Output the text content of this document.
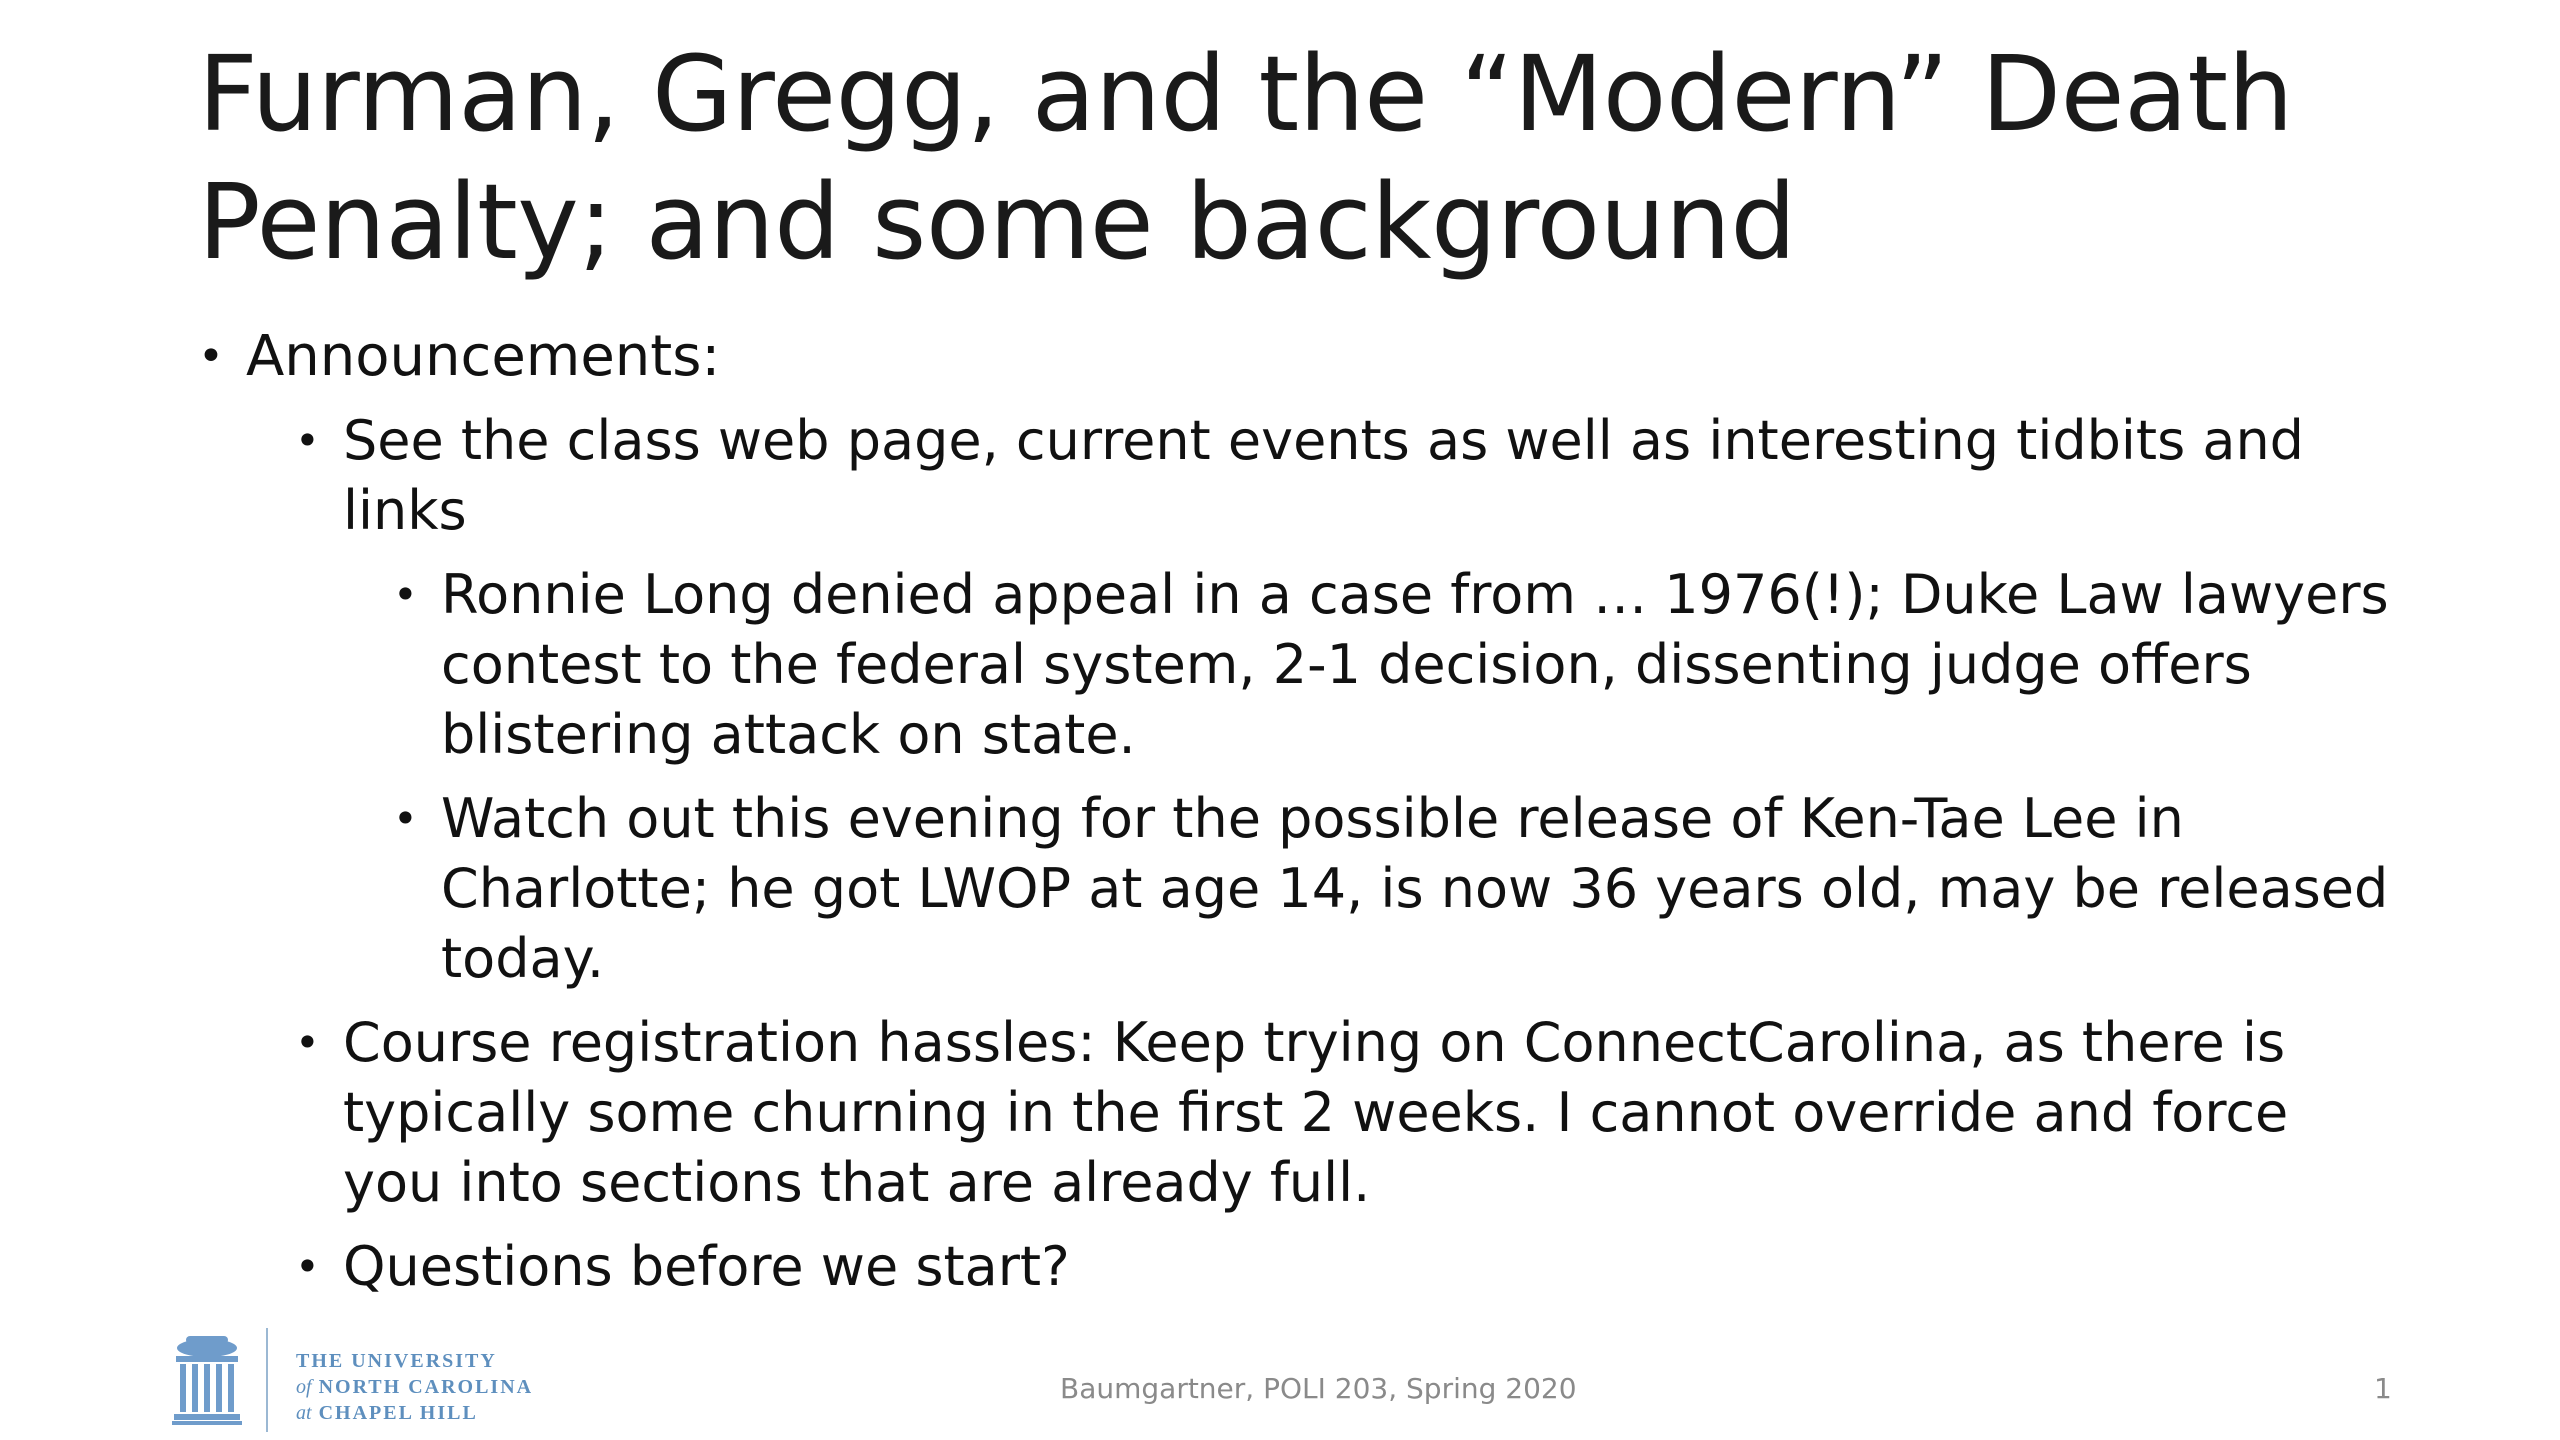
Furman, Gregg, and the “Modern” Death Penalty; and some background
• Announcements:
• See the class web page, current events as well as interesting tidbits and links
• Ronnie Long denied appeal in a case from … 1976(!); Duke Law lawyers contest to the federal system, 2-1 decision, dissenting judge offers blistering attack on state.
• Watch out this evening for the possible release of Ken-Tae Lee in Charlotte; he got LWOP at age 14, is now 36 years old, may be released today.
• Course registration hassles: Keep trying on ConnectCarolina, as there is typically some churning in the first 2 weeks. I cannot override and force you into sections that are already full.
• Questions before we start?
THE UNIVERSITY
of NORTH CAROLINA
at CHAPEL HILL
Baumgartner, POLI 203, Spring 2020	1
